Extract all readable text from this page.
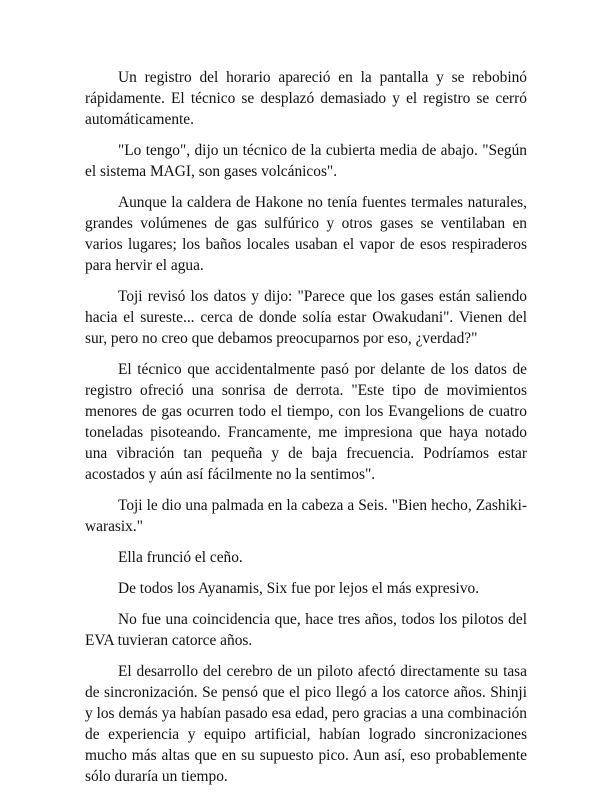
Un registro del horario apareció en la pantalla y se rebobinó rápidamente. El técnico se desplazó demasiado y el registro se cerró automáticamente.

"Lo tengo", dijo un técnico de la cubierta media de abajo. "Según el sistema MAGI, son gases volcánicos".

Aunque la caldera de Hakone no tenía fuentes termales naturales, grandes volúmenes de gas sulfúrico y otros gases se ventilaban en varios lugares; los baños locales usaban el vapor de esos respiraderos para hervir el agua.

Toji revisó los datos y dijo: "Parece que los gases están saliendo hacia el sureste... cerca de donde solía estar Owakudani". Vienen del sur, pero no creo que debamos preocuparnos por eso, ¿verdad?"

El técnico que accidentalmente pasó por delante de los datos de registro ofreció una sonrisa de derrota. "Este tipo de movimientos menores de gas ocurren todo el tiempo, con los Evangelions de cuatro toneladas pisoteando. Francamente, me impresiona que haya notado una vibración tan pequeña y de baja frecuencia. Podríamos estar acostados y aún así fácilmente no la sentimos".

Toji le dio una palmada en la cabeza a Seis. "Bien hecho, Zashiki-warasix."

Ella frunció el ceño.

De todos los Ayanamis, Six fue por lejos el más expresivo.

No fue una coincidencia que, hace tres años, todos los pilotos del EVA tuvieran catorce años.

El desarrollo del cerebro de un piloto afectó directamente su tasa de sincronización. Se pensó que el pico llegó a los catorce años. Shinji y los demás ya habían pasado esa edad, pero gracias a una combinación de experiencia y equipo artificial, habían logrado sincronizaciones mucho más altas que en su supuesto pico. Aun así, eso probablemente sólo duraría un tiempo.
